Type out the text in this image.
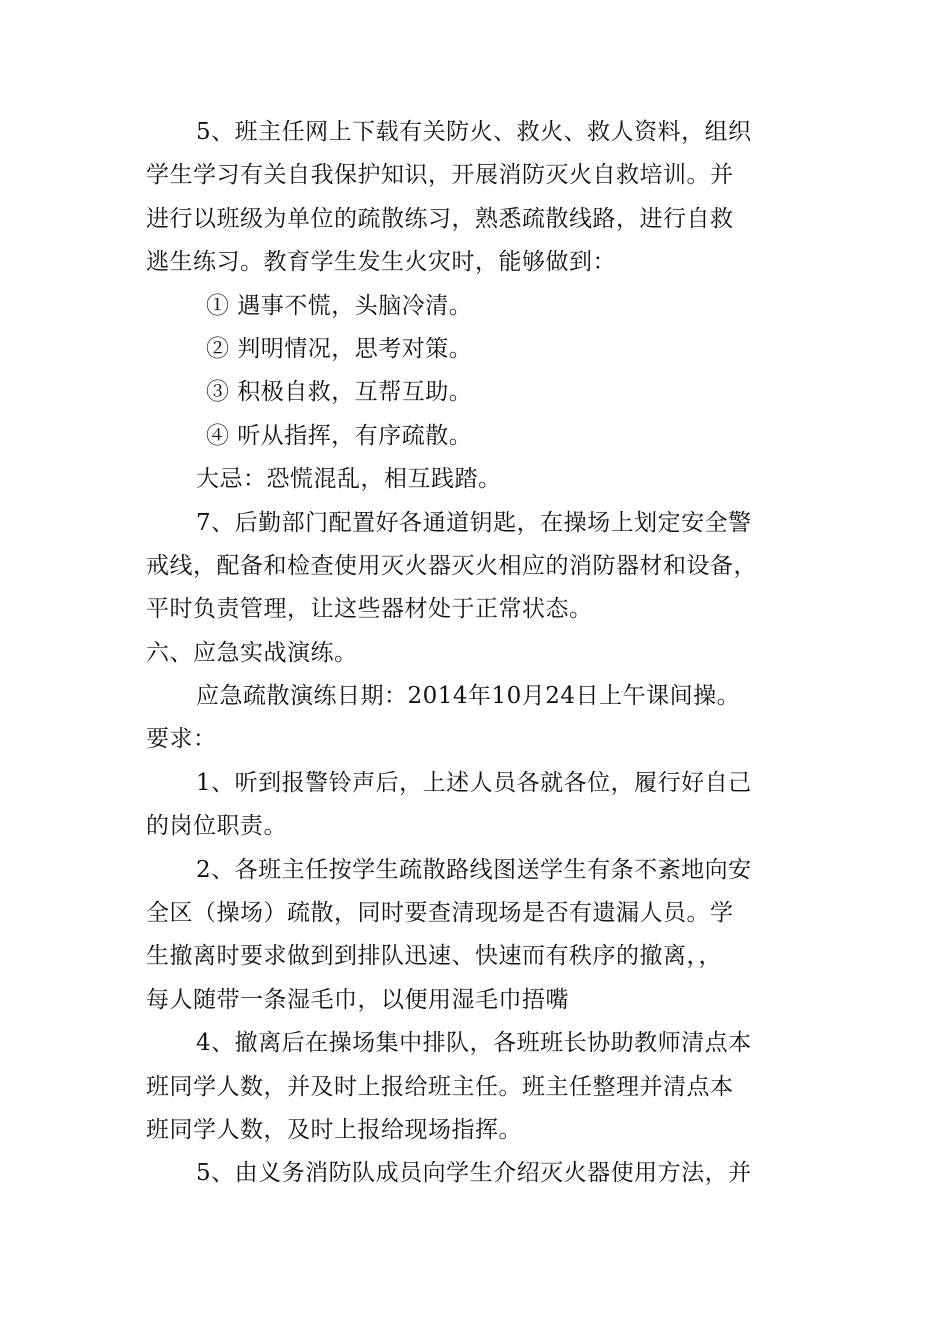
5、班主任网上下载有关防火、救火、救人资料，组织
学生学习有关自我保护知识，开展消防灭火自救培训。并
进行以班级为单位的疏散练习，熟悉疏散线路，进行自救
逃生练习。教育学生发生火灾时，能够做到：
① 遇事不慌，头脑冷清。
② 判明情况，思考对策。
③ 积极自救，互帮互助。
④ 听从指挥，有序疏散。
大忌：恐慌混乱，相互践踏。
7、后勤部门配置好各通道钥匙，在操场上划定安全警
戒线，配备和检查使用灭火器灭火相应的消防器材和设备，
平时负责管理，让这些器材处于正常状态。
六、应急实战演练。
应急疏散演练日期：2014年10月24日上午课间操。
要求：
1、听到报警铃声后，上述人员各就各位，履行好自己
的岗位职责。
2、各班主任按学生疏散路线图送学生有条不紊地向安
全区（操场）疏散，同时要查清现场是否有遗漏人员。学
生撤离时要求做到到排队迅速、快速而有秩序的撤离，，
每人随带一条湿毛巾，以便用湿毛巾捂嘴
4、撤离后在操场集中排队，各班班长协助教师清点本
班同学人数，并及时上报给班主任。班主任整理并清点本
班同学人数，及时上报给现场指挥。
5、由义务消防队成员向学生介绍灭火器使用方法，并
